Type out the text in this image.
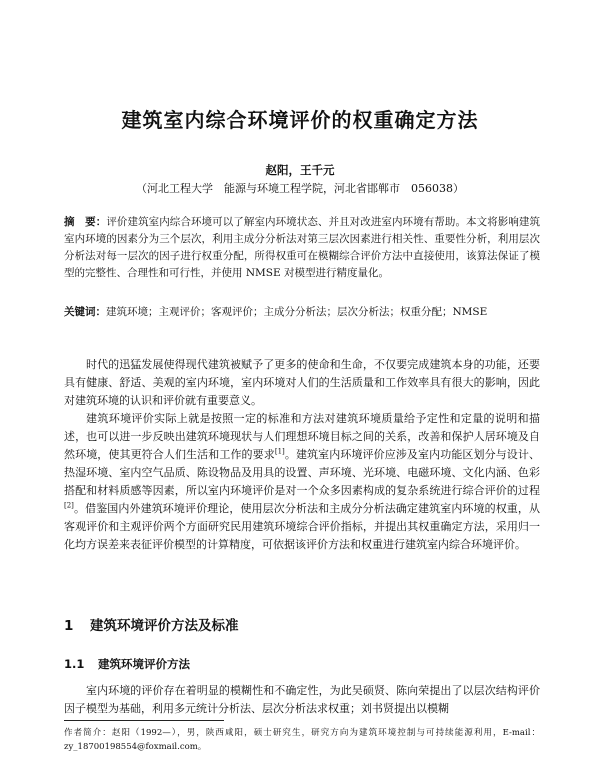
建筑室内综合环境评价的权重确定方法
赵阳，王千元
（河北工程大学　能源与环境工程学院，河北省邯郸市　056038）
摘　要：评价建筑室内综合环境可以了解室内环境状态、并且对改进室内环境有帮助。本文将影响建筑室内环境的因素分为三个层次，利用主成分分析法对第三层次因素进行相关性、重要性分析，利用层次分析法对每一层次的因子进行权重分配，所得权重可在模糊综合评价方法中直接使用，该算法保证了模型的完整性、合理性和可行性，并使用 NMSE 对模型进行精度量化。
关键词：建筑环境；主观评价；客观评价；主成分分析法；层次分析法；权重分配；NMSE

时代的迅猛发展使得现代建筑被赋予了更多的使命和生命，不仅要完成建筑本身的功能，还要具有健康、舒适、美观的室内环境，室内环境对人们的生活质量和工作效率具有很大的影响，因此对建筑环境的认识和评价就有重要意义。

建筑环境评价实际上就是按照一定的标准和方法对建筑环境质量给予定性和定量的说明和描述，也可以进一步反映出建筑环境现状与人们理想环境目标之间的关系，改善和保护人居环境及自然环境，使其更符合人们生活和工作的要求[1]。建筑室内环境评价应涉及室内功能区划分与设计、热湿环境、室内空气品质、陈设物品及用具的设置、声环境、光环境、电磁环境、文化内涵、色彩搭配和材料质感等因素，所以室内环境评价是对一个众多因素构成的复杂系统进行综合评价的过程[2]。借鉴国内外建筑环境评价理论，使用层次分析法和主成分分析法确定建筑室内环境的权重，从客观评价和主观评价两个方面研究民用建筑环境综合评价指标，并提出其权重确定方法，采用归一化均方误差来表征评价模型的计算精度，可依据该评价方法和权重进行建筑室内综合环境评价。

1 建筑环境评价方法及标准
1.1 建筑环境评价方法

室内环境的评价存在着明显的模糊性和不确定性，为此吴硕贤、陈向荣提出了以层次结构评价因子模型为基础，利用多元统计分析法、层次分析法求权重；刘书贤提出以模糊

作者简介：赵阳（1992—），男，陕西咸阳，硕士研究生，研究方向为建筑环境控制与可持续能源利用，E-mail：zy_18700198554@foxmail.com。
